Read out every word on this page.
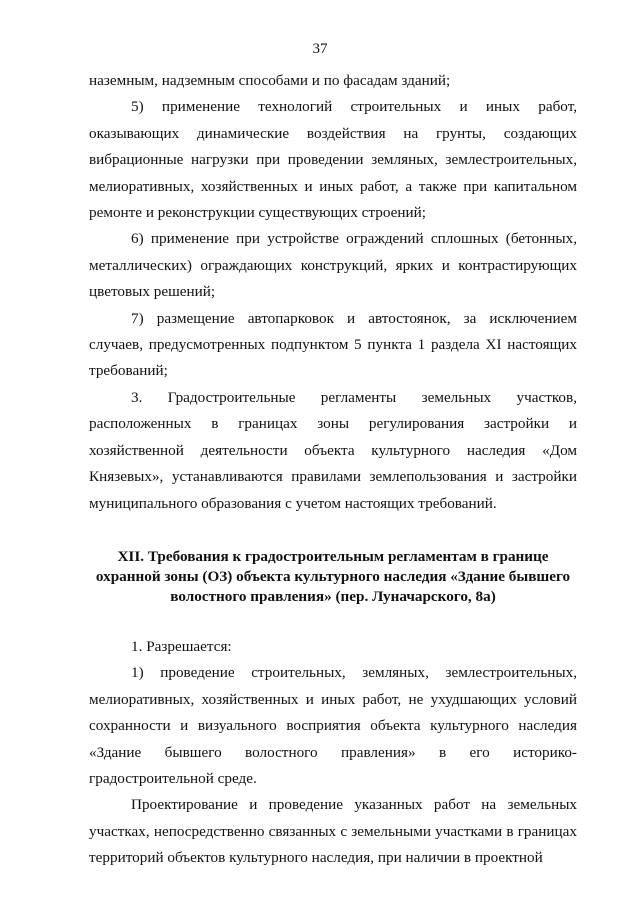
37

наземным, надземным способами и по фасадам зданий;

5) применение технологий строительных и иных работ, оказывающих динамические воздействия на грунты, создающих вибрационные нагрузки при проведении земляных, землестроительных, мелиоративных, хозяйственных и иных работ, а также при капитальном ремонте и реконструкции существующих строений;

6) применение при устройстве ограждений сплошных (бетонных, металлических) ограждающих конструкций, ярких и контрастирующих цветовых решений;

7) размещение автопарковок и автостоянок, за исключением случаев, предусмотренных подпунктом 5 пункта 1 раздела XI настоящих требований;

3. Градостроительные регламенты земельных участков, расположенных в границах зоны регулирования застройки и хозяйственной деятельности объекта культурного наследия «Дом Князевых», устанавливаются правилами землепользования и застройки муниципального образования с учетом настоящих требований.

XII. Требования к градостроительным регламентам в границе охранной зоны (ОЗ) объекта культурного наследия «Здание бывшего волостного правления» (пер. Луначарского, 8а)

1. Разрешается:

1) проведение строительных, земляных, землестроительных, мелиоративных, хозяйственных и иных работ, не ухудшающих условий сохранности и визуального восприятия объекта культурного наследия «Здание бывшего волостного правления» в его историко-градостроительной среде.

Проектирование и проведение указанных работ на земельных участках, непосредственно связанных с земельными участками в границах территорий объектов культурного наследия, при наличии в проектной
